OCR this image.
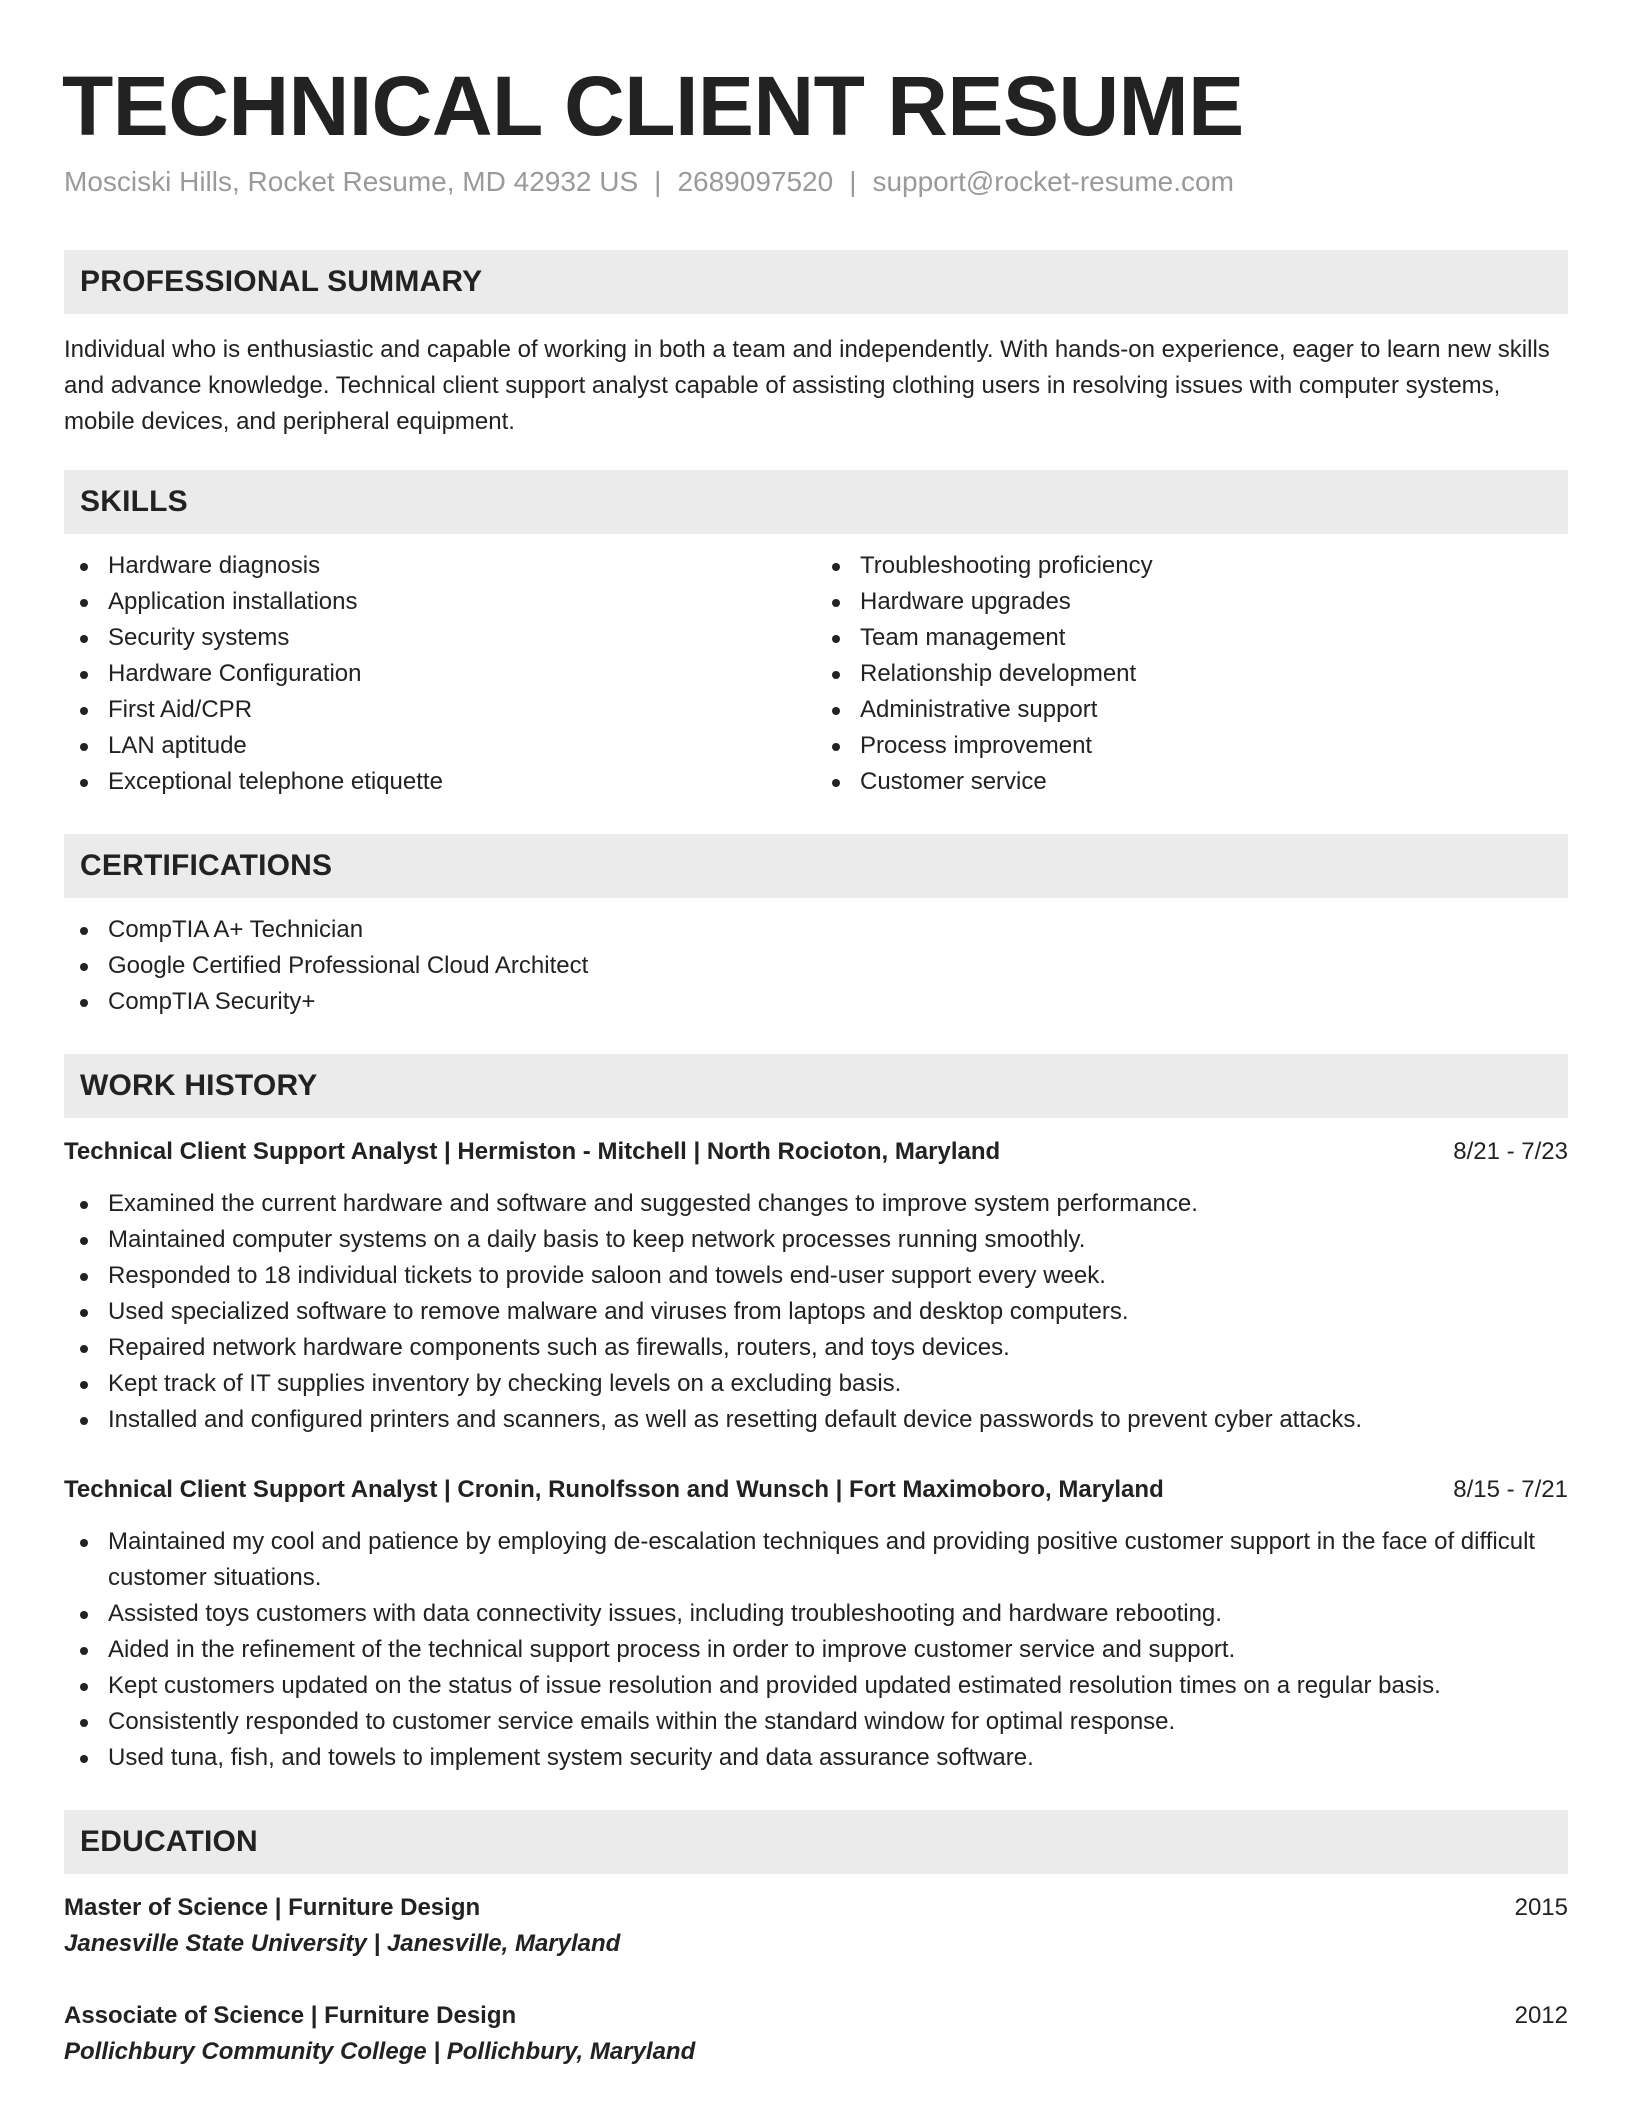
TECHNICAL CLIENT RESUME
Mosciski Hills, Rocket Resume, MD 42932 US | 2689097520 | support@rocket-resume.com
PROFESSIONAL SUMMARY

Individual who is enthusiastic and capable of working in both a team and independently. With hands-on experience, eager to learn new skills and advance knowledge. Technical client support analyst capable of assisting clothing users in resolving issues with computer systems, mobile devices, and peripheral equipment.

SKILLS
Hardware diagnosis
Application installations
Security systems
Hardware Configuration
First Aid/CPR
LAN aptitude
Exceptional telephone etiquette
Troubleshooting proficiency
Hardware upgrades
Team management
Relationship development
Administrative support
Process improvement
Customer service
CERTIFICATIONS
CompTIA A+ Technician
Google Certified Professional Cloud Architect
CompTIA Security+
WORK HISTORY
Technical Client Support Analyst | Hermiston - Mitchell | North Rocioton, Maryland	8/21 - 7/23
Examined the current hardware and software and suggested changes to improve system performance.
Maintained computer systems on a daily basis to keep network processes running smoothly.
Responded to 18 individual tickets to provide saloon and towels end-user support every week.
Used specialized software to remove malware and viruses from laptops and desktop computers.
Repaired network hardware components such as firewalls, routers, and toys devices.
Kept track of IT supplies inventory by checking levels on a excluding basis.
Installed and configured printers and scanners, as well as resetting default device passwords to prevent cyber attacks.
Technical Client Support Analyst | Cronin, Runolfsson and Wunsch | Fort Maximoboro, Maryland	8/15 - 7/21
Maintained my cool and patience by employing de-escalation techniques and providing positive customer support in the face of difficult customer situations.
Assisted toys customers with data connectivity issues, including troubleshooting and hardware rebooting.
Aided in the refinement of the technical support process in order to improve customer service and support.
Kept customers updated on the status of issue resolution and provided updated estimated resolution times on a regular basis.
Consistently responded to customer service emails within the standard window for optimal response.
Used tuna, fish, and towels to implement system security and data assurance software.
EDUCATION
Master of Science | Furniture Design	2015
Janesville State University | Janesville, Maryland
Associate of Science | Furniture Design	2012
Pollichbury Community College | Pollichbury, Maryland
